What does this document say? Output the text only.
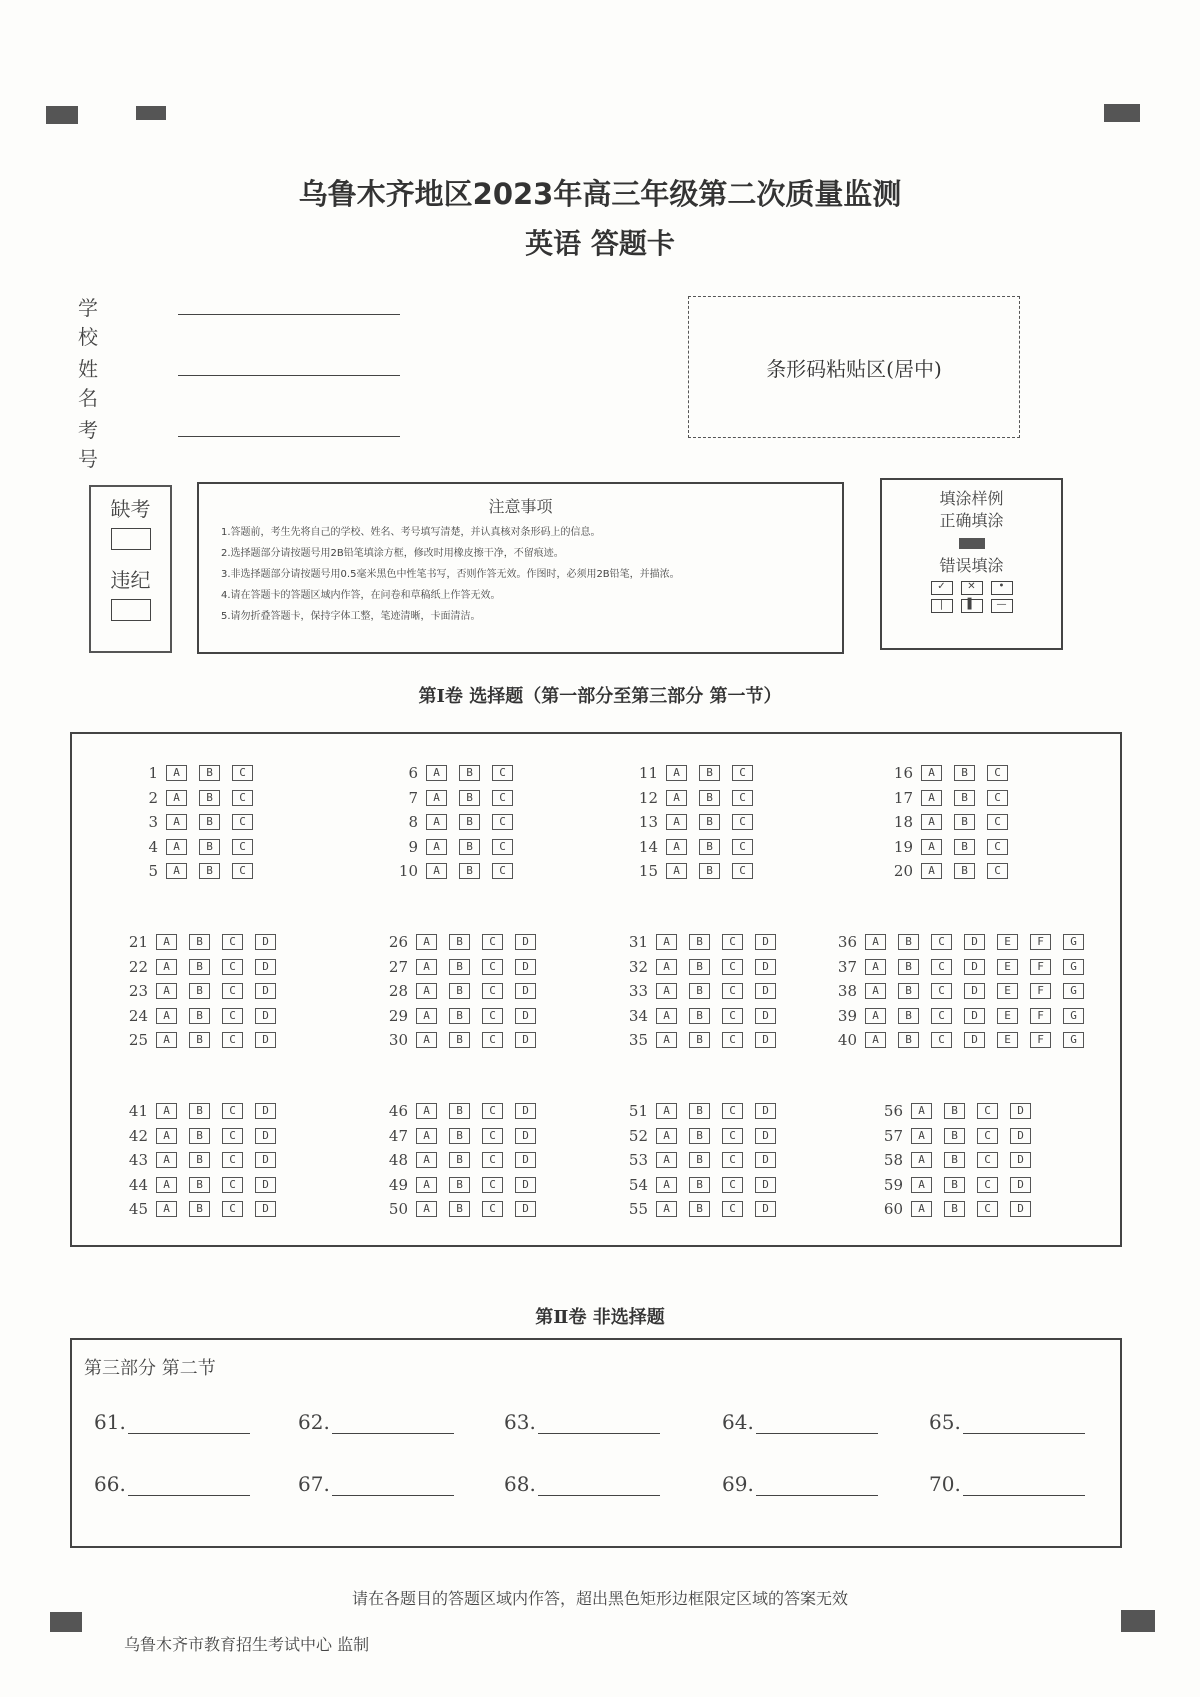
乌鲁木齐地区2023年高三年级第二次质量监测
英语 答题卡
学校
姓名
考号
条形码粘贴区(居中)
缺考
违纪
注意事项

1.答题前，考生先将自己的学校、姓名、考号填写清楚，并认真核对条形码上的信息。

2.选择题部分请按题号用2B铅笔填涂方框，修改时用橡皮擦干净，不留痕迹。

3.非选择题部分请按题号用0.5毫米黑色中性笔书写，否则作答无效。作图时，必须用2B铅笔，并描浓。

4.请在答题卡的答题区域内作答，在问卷和草稿纸上作答无效。

5.请勿折叠答题卡，保持字体工整，笔迹清晰，卡面清洁。

填涂样例
正确填涂
错误填涂
✓	✕	•
|	▌	—
第Ⅰ卷 选择题（第一部分至第三部分 第一节）
1	A	B	C
2	A	B	C
3	A	B	C
4	A	B	C
5	A	B	C
6	A	B	C
7	A	B	C
8	A	B	C
9	A	B	C
10	A	B	C
11	A	B	C
12	A	B	C
13	A	B	C
14	A	B	C
15	A	B	C
16	A	B	C
17	A	B	C
18	A	B	C
19	A	B	C
20	A	B	C
21	A	B	C	D
22	A	B	C	D
23	A	B	C	D
24	A	B	C	D
25	A	B	C	D
26	A	B	C	D
27	A	B	C	D
28	A	B	C	D
29	A	B	C	D
30	A	B	C	D
31	A	B	C	D
32	A	B	C	D
33	A	B	C	D
34	A	B	C	D
35	A	B	C	D
36	A	B	C	D	E	F	G
37	A	B	C	D	E	F	G
38	A	B	C	D	E	F	G
39	A	B	C	D	E	F	G
40	A	B	C	D	E	F	G
41	A	B	C	D
42	A	B	C	D
43	A	B	C	D
44	A	B	C	D
45	A	B	C	D
46	A	B	C	D
47	A	B	C	D
48	A	B	C	D
49	A	B	C	D
50	A	B	C	D
51	A	B	C	D
52	A	B	C	D
53	A	B	C	D
54	A	B	C	D
55	A	B	C	D
56	A	B	C	D
57	A	B	C	D
58	A	B	C	D
59	A	B	C	D
60	A	B	C	D
第Ⅱ卷 非选择题
第三部分 第二节
61.	62.	63.	64.	65.
66.	67.	68.	69.	70.
请在各题目的答题区域内作答，超出黑色矩形边框限定区域的答案无效
乌鲁木齐市教育招生考试中心 监制
